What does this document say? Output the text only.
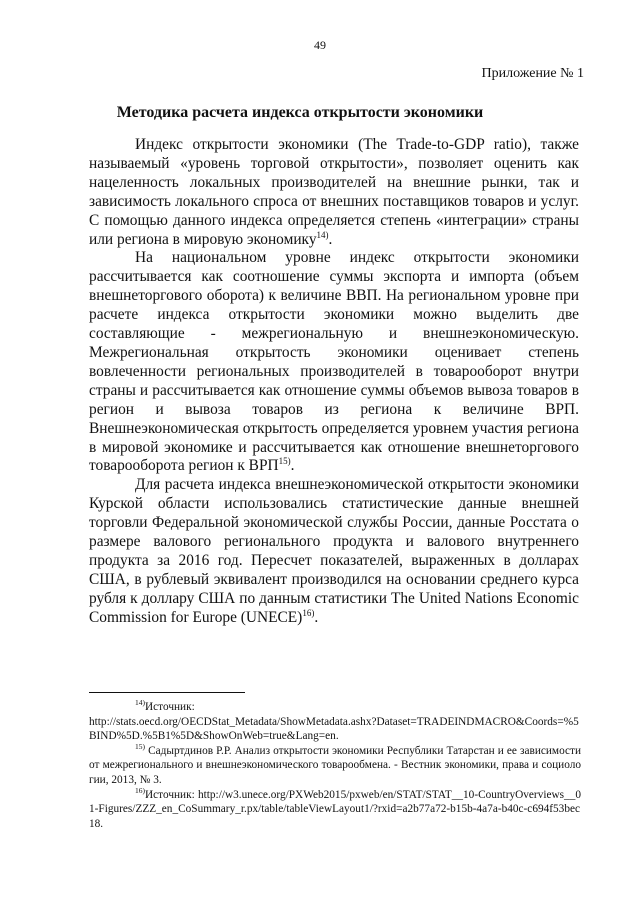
49
Приложение № 1
Методика расчета индекса открытости экономики

Индекс открытости экономики (The Trade-to-GDP ratio), также называемый «уровень торговой открытости», позволяет оценить как нацеленность локальных производителей на внешние рынки, так и зависимость локального спроса от внешних поставщиков товаров и услуг. С помощью данного индекса определяется степень «интеграции» страны или региона в мировую экономику$^{14)}$.

На национальном уровне индекс открытости экономики рассчитывается как соотношение суммы экспорта и импорта (объем внешнеторгового оборота) к величине ВВП. На региональном уровне при расчете индекса открытости экономики можно выделить две составляющие - межрегиональную и внешнеэкономическую. Межрегиональная открытость экономики оценивает степень вовлеченности региональных производителей в товарооборот внутри страны и рассчитывается как отношение суммы объемов вывоза товаров в регион и вывоза товаров из региона к величине ВРП. Внешнеэкономическая открытость определяется уровнем участия региона в мировой экономике и рассчитывается как отношение внешнеторгового товарооборота регион к ВРП$^{15)}$.

Для расчета индекса внешнеэкономической открытости экономики Курской области использовались статистические данные внешней торговли Федеральной экономической службы России, данные Росстата о размере валового регионального продукта и валового внутреннего продукта за 2016 год. Пересчет показателей, выраженных в долларах США, в рублевый эквивалент производился на основании среднего курса рубля к доллару США по данным статистики The United Nations Economic Commission for Europe (UNECE)$^{16)}$.

$^{14)}$Источник:

http://stats.oecd.org/OECDStat_Metadata/ShowMetadata.ashx?Dataset=TRADEINDMACRO&Coords=%5BIND%5D.%5B1%5D&ShowOnWeb=true&Lang=en.

$^{15)}$ Садыртдинов Р.Р. Анализ открытости экономики Республики Татарстан и ее зависимости от межрегионального и внешнеэкономического товарообмена. - Вестник экономики, права и социологии, 2013, № 3.

$^{16)}$Источник: http://w3.unece.org/PXWeb2015/pxweb/en/STAT/STAT__10-CountryOverviews__01-Figures/ZZZ_en_CoSummary_r.px/table/tableViewLayout1/?rxid=a2b77a72-b15b-4a7a-b40c-c694f53bec18.
